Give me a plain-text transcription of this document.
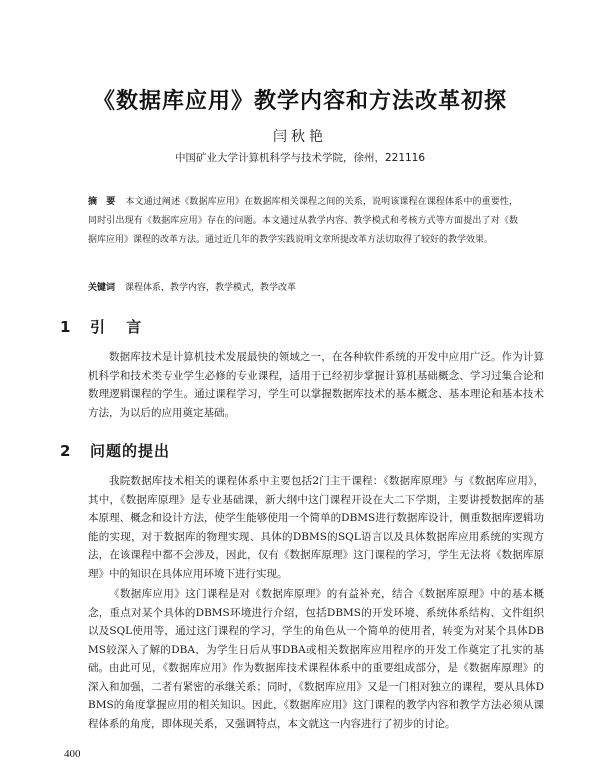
《数据库应用》教学内容和方法改革初探
闫秋艳
中国矿业大学计算机科学与技术学院，徐州，221116
摘　要 本文通过阐述《数据库应用》在数据库相关课程之间的关系，说明该课程在课程体系中的重要性，同时引出现有《数据库应用》存在的问题。本文通过从教学内容、教学模式和考核方式等方面提出了对《数据库应用》课程的改革方法。通过近几年的教学实践说明文章所提改革方法切取得了较好的教学效果。
关键词 课程体系，教学内容，教学模式，教学改革
1 引 言
数据库技术是计算机技术发展最快的领域之一，在各种软件系统的开发中应用广泛。作为计算机科学和技术类专业学生必修的专业课程，适用于已经初步掌握计算机基础概念、学习过集合论和数理逻辑课程的学生。通过课程学习，学生可以掌握数据库技术的基本概念、基本理论和基本技术方法，为以后的应用奠定基础。
2 问题的提出
我院数据库技术相关的课程体系中主要包括2门主干课程：《数据库原理》与《数据库应用》，其中，《数据库原理》是专业基础课，新大纲中这门课程开设在大二下学期，主要讲授数据库的基本原理、概念和设计方法，使学生能够使用一个简单的DBMS进行数据库设计，侧重数据库逻辑功能的实现，对于数据库的物理实现、具体的DBMS的SQL语言以及具体数据库应用系统的实现方法，在该课程中都不会涉及，因此，仅有《数据库原理》这门课程的学习，学生无法将《数据库原理》中的知识在具体应用环境下进行实现。
《数据库应用》这门课程是对《数据库原理》的有益补充，结合《数据库原理》中的基本概念，重点对某个具体的DBMS环境进行介绍，包括DBMS的开发环境、系统体系结构、文件组织以及SQL使用等，通过这门课程的学习，学生的角色从一个简单的使用者，转变为对某个具体DBMS较深入了解的DBA，为学生日后从事DBA或相关数据库应用程序的开发工作奠定了扎实的基础。 由此可见，《数据库应用》作为数据库技术课程体系中的重要组成部分，是《数据库原理》的深入和加强，二者有紧密的承继关系；同时，《数据库应用》又是一门相对独立的课程，要从具体DBMS的角度掌握应用的相关知识。因此，《数据库应用》这门课程的教学内容和教学方法必须从课程体系的角度，即体现关系，又强调特点，本文就这一内容进行了初步的讨论。
400
